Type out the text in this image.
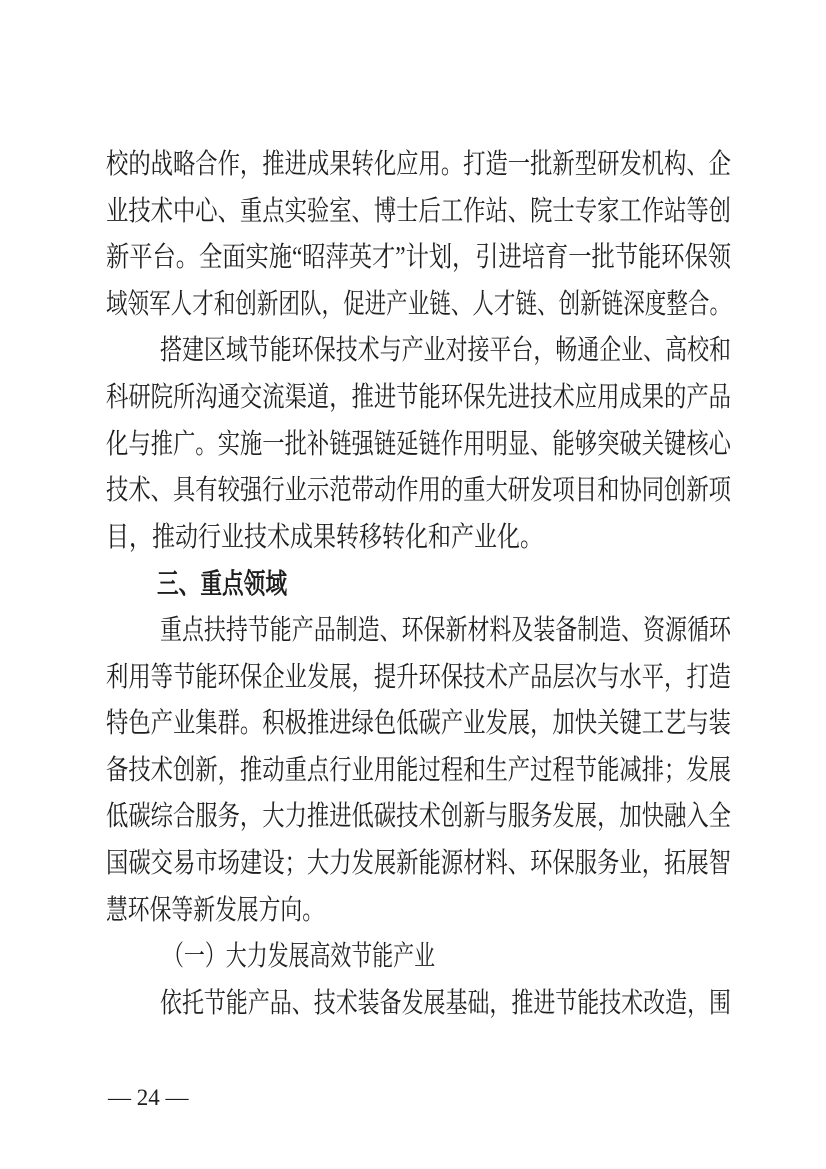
校的战略合作，推进成果转化应用。打造一批新型研发机构、企
业技术中心、重点实验室、博士后工作站、院士专家工作站等创
新平台。全面实施“昭萍英才”计划，引进培育一批节能环保领
域领军人才和创新团队，促进产业链、人才链、创新链深度整合。
搭建区域节能环保技术与产业对接平台，畅通企业、高校和
科研院所沟通交流渠道，推进节能环保先进技术应用成果的产品
化与推广。实施一批补链强链延链作用明显、能够突破关键核心
技术、具有较强行业示范带动作用的重大研发项目和协同创新项
目，推动行业技术成果转移转化和产业化。
三、重点领域
重点扶持节能产品制造、环保新材料及装备制造、资源循环
利用等节能环保企业发展，提升环保技术产品层次与水平，打造
特色产业集群。积极推进绿色低碳产业发展，加快关键工艺与装
备技术创新，推动重点行业用能过程和生产过程节能减排；发展
低碳综合服务，大力推进低碳技术创新与服务发展，加快融入全
国碳交易市场建设；大力发展新能源材料、环保服务业，拓展智
慧环保等新发展方向。
（一）大力发展高效节能产业
依托节能产品、技术装备发展基础，推进节能技术改造，围
— 24 —
